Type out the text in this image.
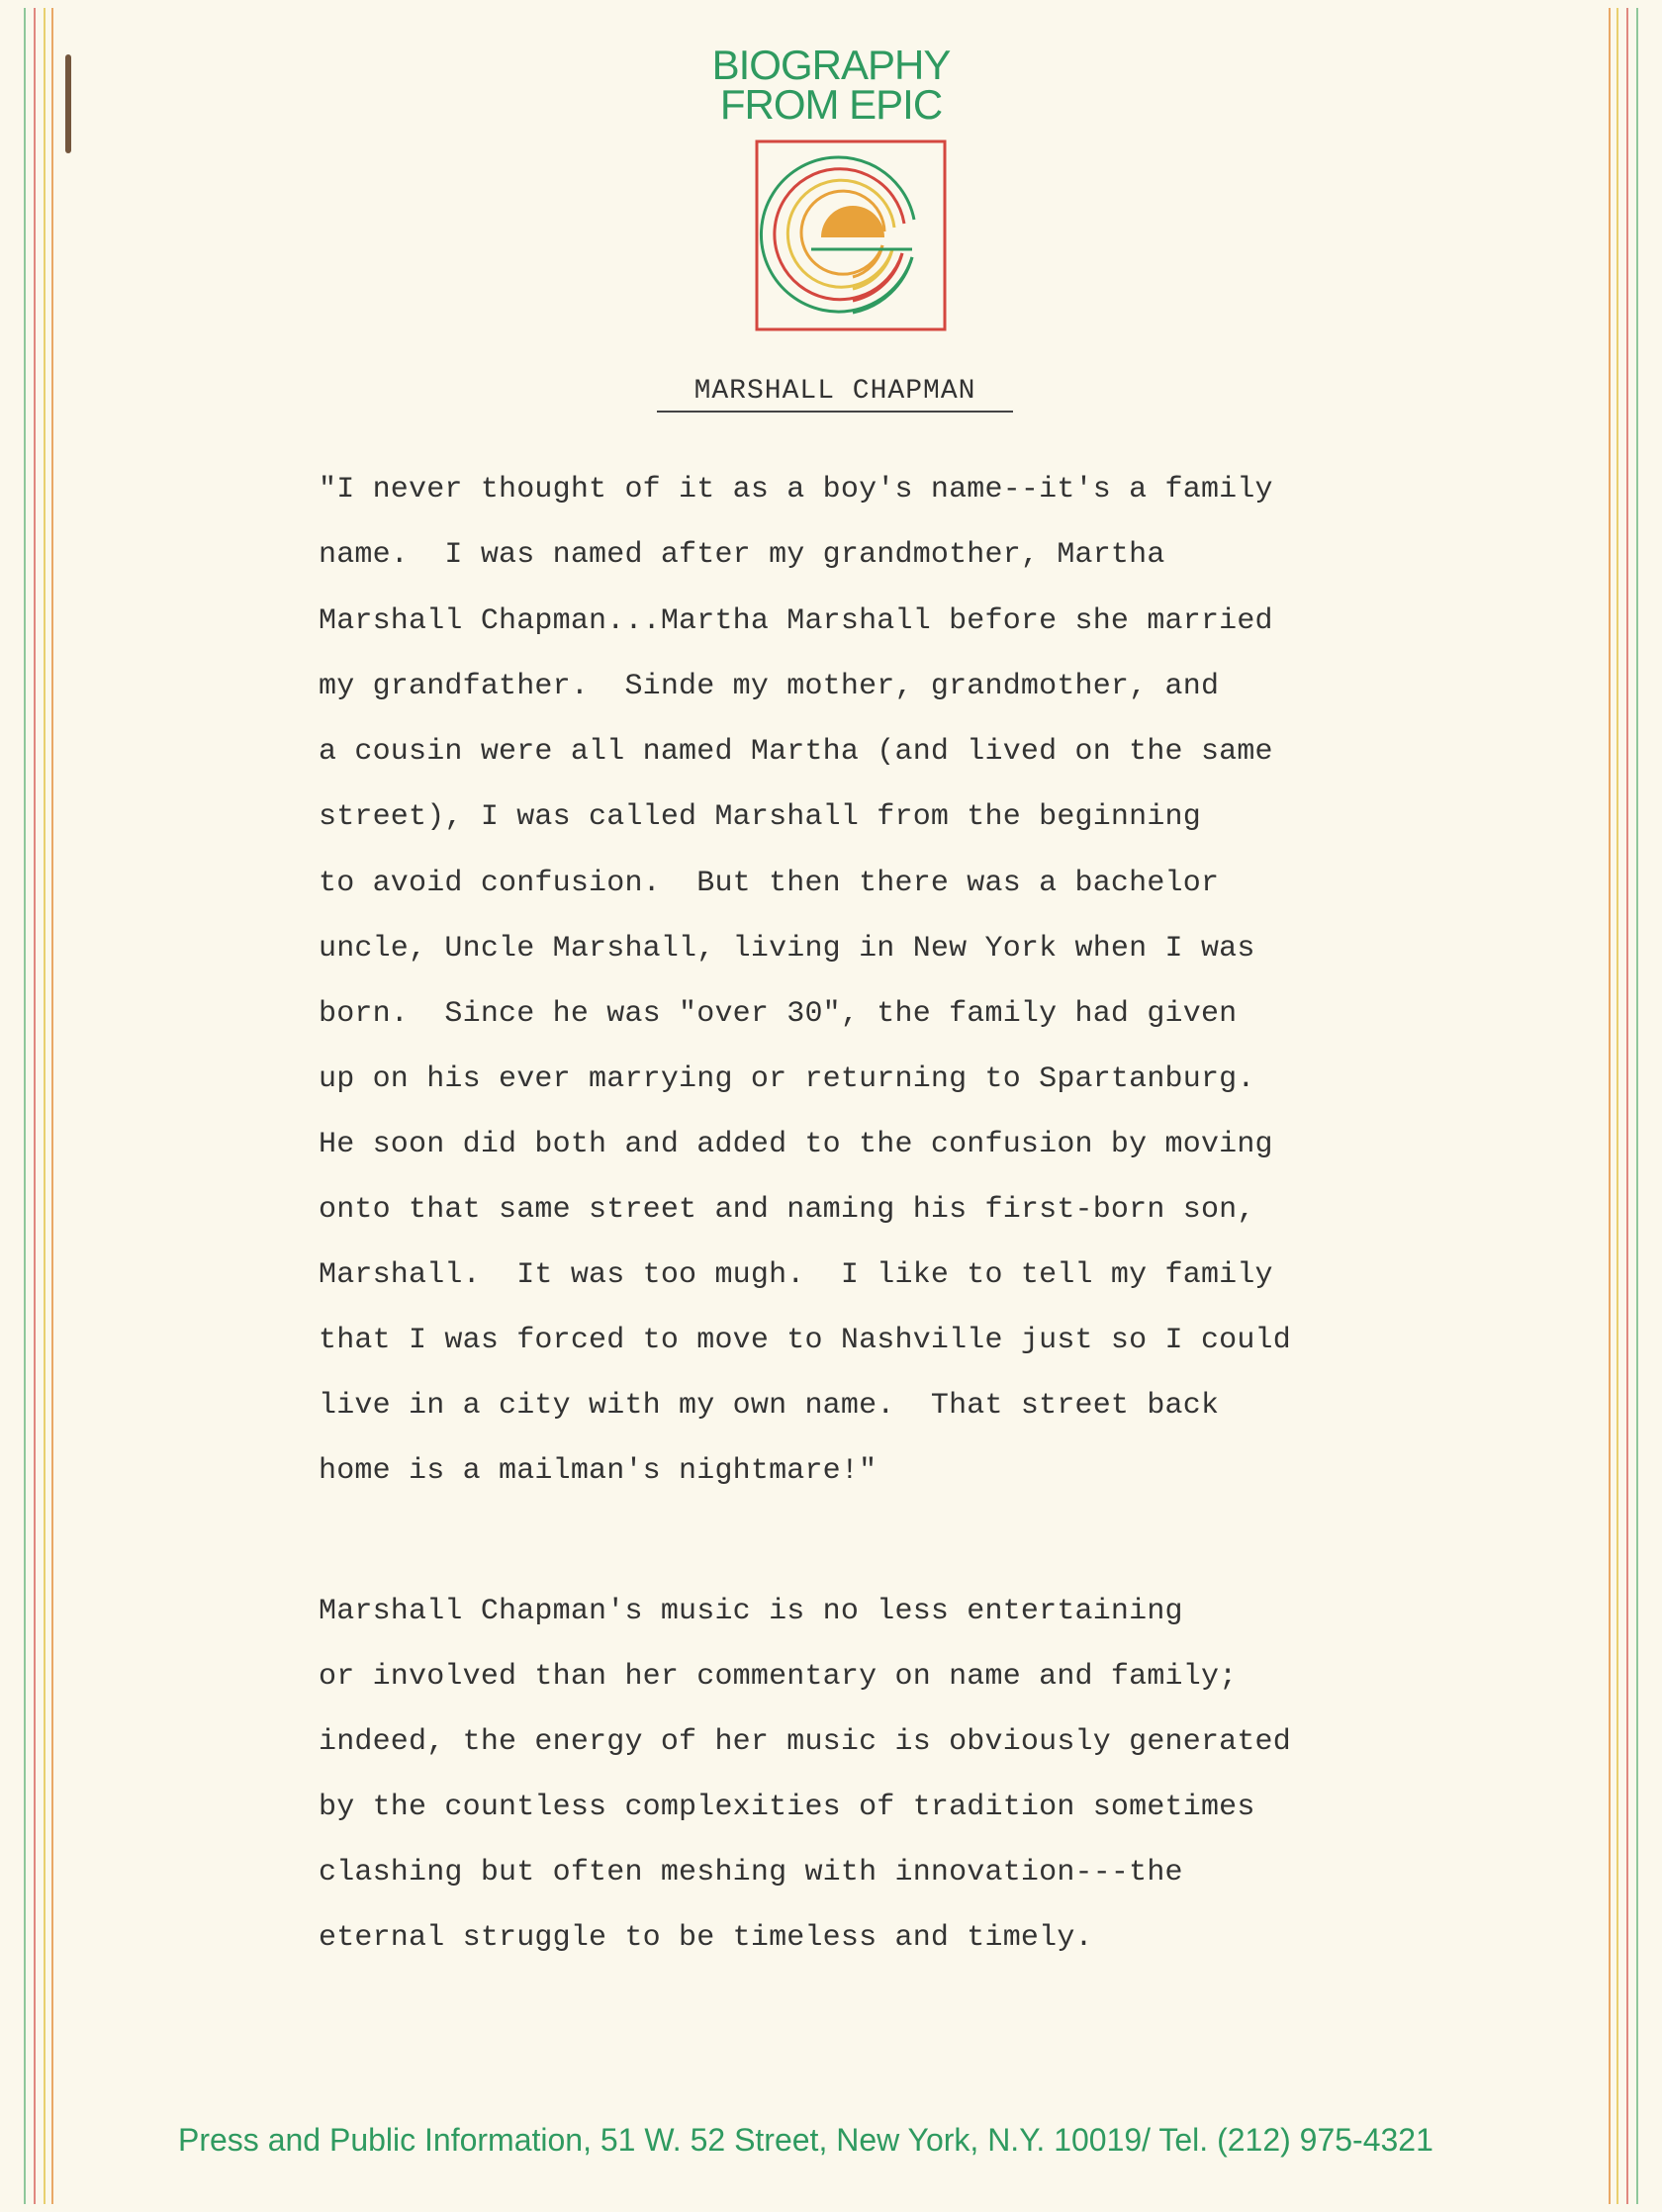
BIOGRAPHY
FROM EPIC
MARSHALL CHAPMAN
"I never thought of it as a boy's name--it's a family
name.  I was named after my grandmother, Martha
Marshall Chapman...Martha Marshall before she married
my grandfather.  Sinde my mother, grandmother, and
a cousin were all named Martha (and lived on the same
street), I was called Marshall from the beginning
to avoid confusion.  But then there was a bachelor
uncle, Uncle Marshall, living in New York when I was
born.  Since he was "over 30", the family had given
up on his ever marrying or returning to Spartanburg.
He soon did both and added to the confusion by moving
onto that same street and naming his first-born son,
Marshall.  It was too mugh.  I like to tell my family
that I was forced to move to Nashville just so I could
live in a city with my own name.  That street back
home is a mailman's nightmare!"
Marshall Chapman's music is no less entertaining
or involved than her commentary on name and family;
indeed, the energy of her music is obviously generated
by the countless complexities of tradition sometimes
clashing but often meshing with innovation---the
eternal struggle to be timeless and timely.
Press and Public Information, 51 W. 52 Street, New York, N.Y. 10019/ Tel. (212) 975-4321
